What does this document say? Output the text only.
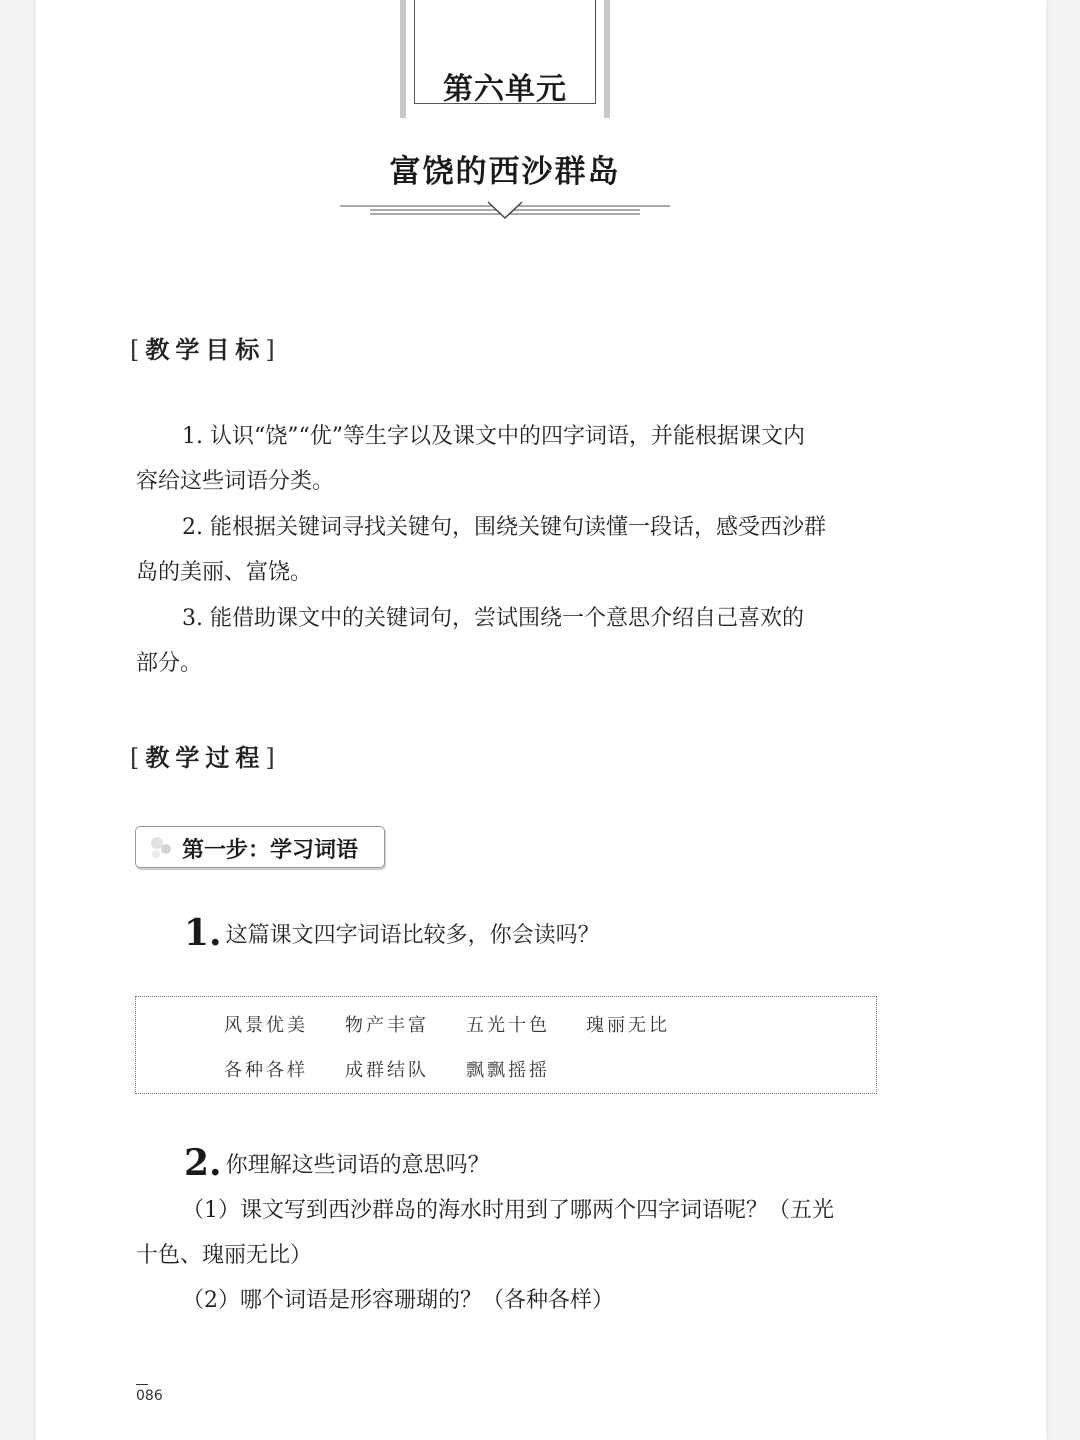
第六单元
富饶的西沙群岛
[教学目标]
1. 认识“饶”“优”等生字以及课文中的四字词语，并能根据课文内
容给这些词语分类。
2. 能根据关键词寻找关键句，围绕关键句读懂一段话，感受西沙群
岛的美丽、富饶。
3. 能借助课文中的关键词句，尝试围绕一个意思介绍自己喜欢的
部分。
[教学过程]
第一步：学习词语
1. 这篇课文四字词语比较多，你会读吗？
风景优美 物产丰富 五光十色 瑰丽无比
各种各样 成群结队 飘飘摇摇
2. 你理解这些词语的意思吗？
（1）课文写到西沙群岛的海水时用到了哪两个四字词语呢？（五光
十色、瑰丽无比）
（2）哪个词语是形容珊瑚的？（各种各样）
086
